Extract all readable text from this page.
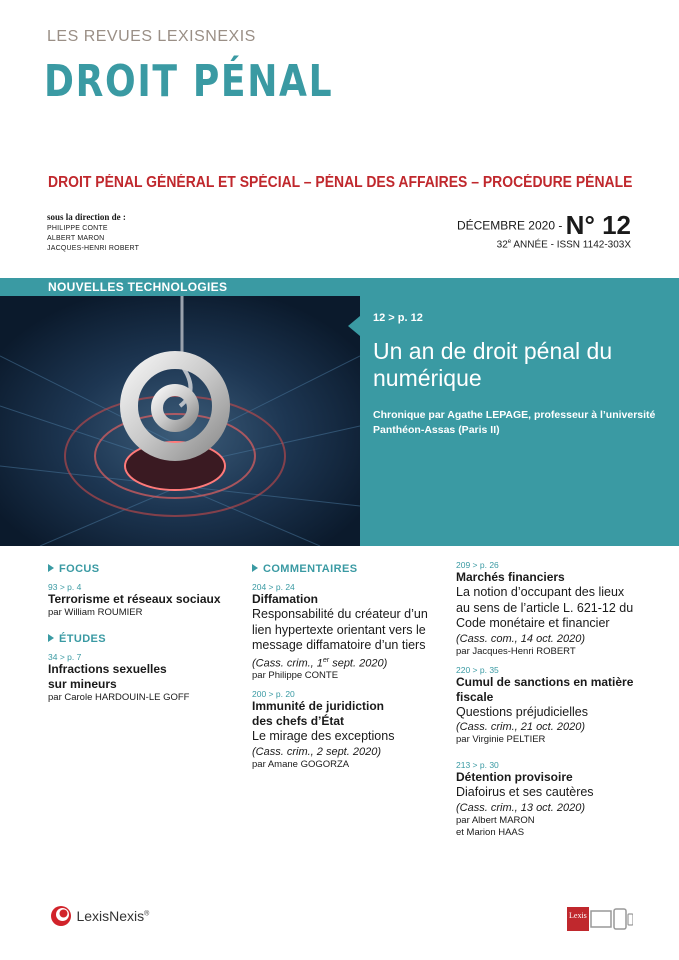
LES REVUES LEXISNEXIS
DROIT PÉNAL
DROIT PÉNAL GÉNÉRAL ET SPÉCIAL – PÉNAL DES AFFAIRES – PROCÉDURE PÉNALE
sous la direction de :
PHILIPPE CONTE
ALBERT MARON
JACQUES-HENRI ROBERT
DÉCEMBRE 2020 - N° 12
32e ANNÉE - ISSN 1142-303X
NOUVELLES TECHNOLOGIES
12 > p. 12
Un an de droit pénal du numérique
Chronique par Agathe LEPAGE, professeur à l’université Panthéon-Assas (Paris II)
FOCUS
93 > p. 4
Terrorisme et réseaux sociaux
par William ROUMIER
ÉTUDES
34 > p. 7
Infractions sexuelles sur mineurs
par Carole HARDOUIN-LE GOFF
COMMENTAIRES
204 > p. 24
Diffamation
Responsabilité du créateur d’un lien hypertexte orientant vers le message diffamatoire d’un tiers
(Cass. crim., 1er sept. 2020)
par Philippe CONTE
200 > p. 20
Immunité de juridiction des chefs d’État
Le mirage des exceptions
(Cass. crim., 2 sept. 2020)
par Amane GOGORZA
209 > p. 26
Marchés financiers
La notion d’occupant des lieux au sens de l’article L. 621-12 du Code monétaire et financier
(Cass. com., 14 oct. 2020)
par Jacques-Henri ROBERT
220 > p. 35
Cumul de sanctions en matière fiscale
Questions préjudicielles
(Cass. crim., 21 oct. 2020)
par Virginie PELTIER
213 > p. 30
Détention provisoire
Diafoirus et ses cautères
(Cass. crim., 13 oct. 2020)
par Albert MARON
et Marion HAAS
LexisNexis®	Lexis
